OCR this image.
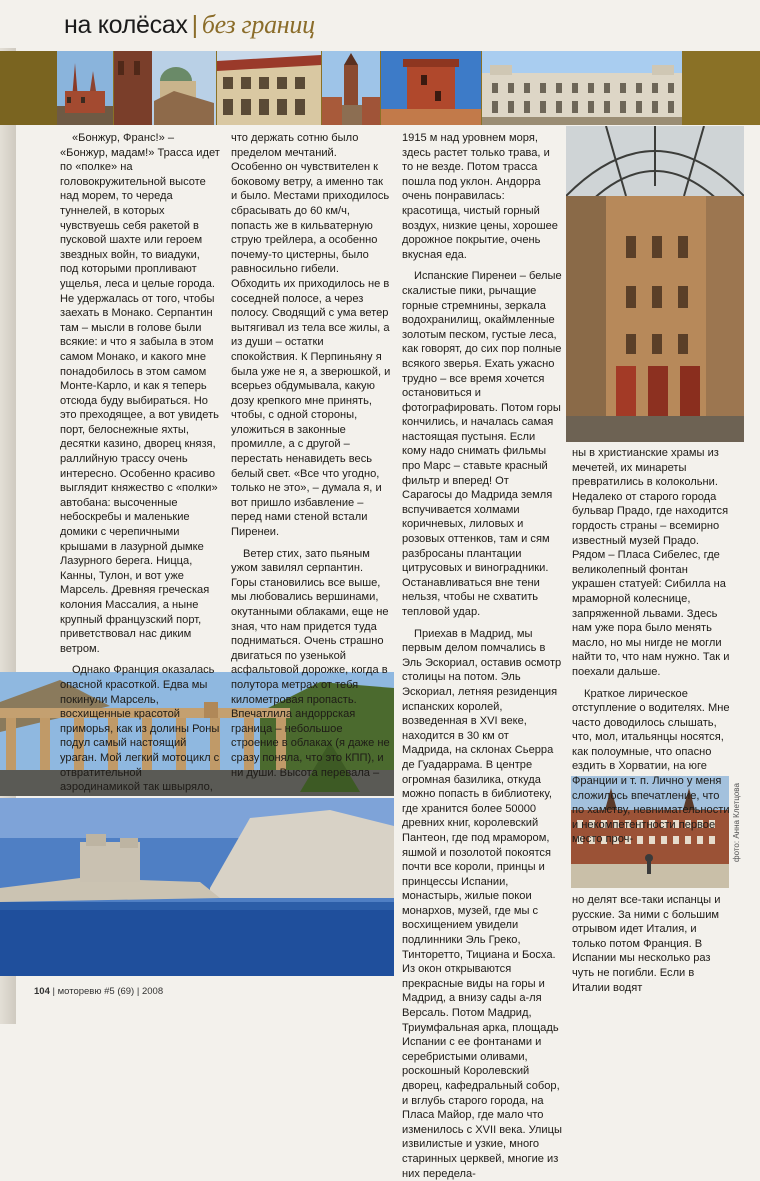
на колёсах | без границ

«Бонжур, Франс!» – «Бонжур, мадам!» Трасса идет по «полке» на головокружительной высоте над морем, то череда туннелей, в которых чувствуешь себя ракетой в пусковой шахте или героем звездных войн, то виадуки, под которыми пропливают ущелья, леса и целые города. Не удержалась от того, чтобы заехать в Монако. Серпантин там – мысли в голове были всякие: и что я забыла в этом самом Монако, и какого мне понадобилось в этом самом Монте-Карло, и как я теперь отсюда буду выбираться. Но это преходящее, а вот увидеть порт, белоснежные яхты, десятки казино, дворец князя, раллийную трассу очень интересно. Особенно красиво выглядит княжество с «полки» автобана: высоченные небоскребы и маленькие домики с черепичными крышами в лазурной дымке Лазурного берега. Ницца, Канны, Тулон, и вот уже Марсель. Древняя греческая колония Массалия, а ныне крупный французский порт, приветствовал нас диким ветром.

Однако Франция оказалась опасной красоткой. Едва мы покинули Марсель, восхищенные красотой приморья, как из долины Роны подул самый настоящий ураган. Мой легкий мотоцикл с отвратительной аэродинамикой так швыряло,

что держать сотню было пределом мечтаний. Особенно он чувствителен к боковому ветру, а именно так и было. Местами приходилось сбрасывать до 60 км/ч, попасть же в кильватерную струю трейлера, а особенно почему-то цистерны, было равносильно гибели. Обходить их приходилось не в соседней полосе, а через полосу. Сводящий с ума ветер вытягивал из тела все жилы, а из души – остатки спокойствия. К Перпиньяну я была уже не я, а зверюшкой, и всерьез обдумывала, какую дозу крепкого мне принять, чтобы, с одной стороны, уложиться в законные промилле, а с другой – перестать ненавидеть весь белый свет. «Все что угодно, только не это», – думала я, и вот пришло избавление – перед нами стеной встали Пиренеи.

Ветер стих, зато пьяным ужом завилял серпантин. Горы становились все выше, мы любовались вершинами, окутанными облаками, еще не зная, что нам придется туда подниматься. Очень страшно двигаться по узенькой асфальтовой дорожке, когда в полутора метрах от тебя километровая пропасть. Впечатлила андоррская граница – небольшое строение в облаках (я даже не сразу поняла, что это КПП), и ни души. Высота перевала –

1915 м над уровнем моря, здесь растет только трава, и то не везде. Потом трасса пошла под уклон. Андорра очень понравилась: красотища, чистый горный воздух, низкие цены, хорошее дорожное покрытие, очень вкусная еда.

Испанские Пиренеи – белые скалистые пики, рычащие горные стремнины, зеркала водохранилищ, окаймленные золотым песком, густые леса, как говорят, до сих пор полные всякого зверья. Ехать ужасно трудно – все время хочется остановиться и фотографировать. Потом горы кончились, и началась самая настоящая пустыня. Если кому надо снимать фильмы про Марс – ставьте красный фильтр и вперед! От Сарагосы до Мадрида земля вспучивается холмами коричневых, лиловых и розовых оттенков, там и сям разбросаны плантации цитрусовых и виноградники. Останавливаться вне тени нельзя, чтобы не схватить тепловой удар.

Приехав в Мадрид, мы первым делом помчались в Эль Эскориал, оставив осмотр столицы на потом. Эль Эскориал, летняя резиденция испанских королей, возведенная в XVI веке, находится в 30 км от Мадрида, на склонах Сьерра де Гуадаррама. В центре огромная базилика, откуда можно попасть в библиотеку, где хранится более 50000 древних книг, королевский Пантеон, где под мрамором, яшмой и позолотой покоятся почти все короли, принцы и принцессы Испании, монастырь, жилые покои монархов, музей, где мы с восхищением увидели подлинники Эль Греко, Тинторетто, Тициана и Босха. Из окон открываются прекрасные виды на горы и Мадрид, а внизу сады а-ля Версаль. Потом Мадрид, Триумфальная арка, площадь Испании с ее фонтанами и серебристыми оливами, роскошный Королевский дворец, кафедральный собор, и вглубь старого города, на Пласа Майор, где мало что изменилось с XVII века. Улицы извилистые и узкие, много старинных церквей, многие из них передела-

ны в христианские храмы из мечетей, их минареты превратились в колокольни. Недалеко от старого города бульвар Прадо, где находится гордость страны – всемирно известный музей Прадо. Рядом – Пласа Сибелес, где великолепный фонтан украшен статуей: Сибилла на мраморной колеснице, запряженной львами. Здесь нам уже пора было менять масло, но мы нигде не могли найти то, что нам нужно. Так и поехали дальше.

Краткое лирическое отступление о водителях. Мне часто доводилось слышать, что, мол, итальянцы носятся, как полоумные, что опасно ездить в Хорватии, на юге Франции и т. п. Лично у меня сложилось впечатление, что по хамству, невнимательности и некомпетентности первое место проч-

но делят все-таки испанцы и русские. За ними с большим отрывом идет Италия, и только потом Франция. В Испании мы несколько раз чуть не погибли. Если в Италии водят

фото: Анна Клетцова
104 | моторевю #5 (69) | 2008
